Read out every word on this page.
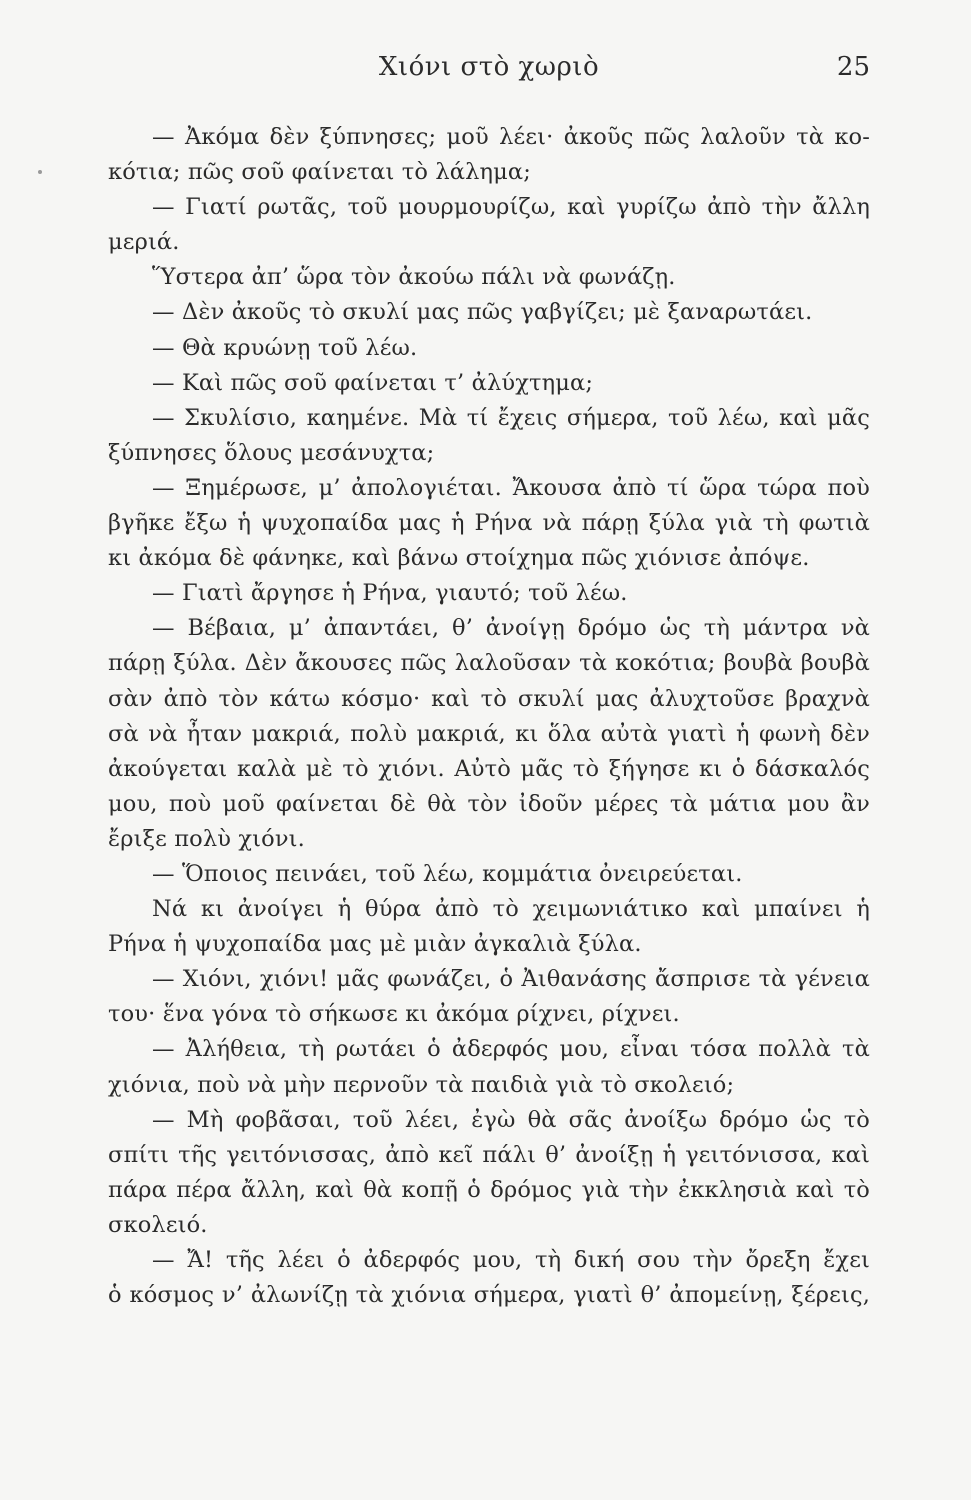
Χιόνι στὸ χωριὸ	25
— Ἀκόμα δὲν ξύπνησες; μοῦ λέει· ἀκοῦς πῶς λαλοῦν τὰ κο-
κότια; πῶς σοῦ φαίνεται τὸ λάλημα;
— Γιατί ρωτᾶς, τοῦ μουρμουρίζω, καὶ γυρίζω ἀπὸ τὴν ἄλλη
μεριά.
Ὕστερα ἀπ’ ὥρα τὸν ἀκούω πάλι νὰ φωνάζῃ.
— Δὲν ἀκοῦς τὸ σκυλί μας πῶς γαβγίζει; μὲ ξαναρωτάει.
— Θὰ κρυώνῃ τοῦ λέω.
— Καὶ πῶς σοῦ φαίνεται τ’ ἀλύχτημα;
— Σκυλίσιο, καημένε. Μὰ τί ἔχεις σήμερα, τοῦ λέω, καὶ μᾶς
ξύπνησες ὅλους μεσάνυχτα;
— Ξημέρωσε, μ’ ἀπολογιέται. Ἄκουσα ἀπὸ τί ὥρα τώρα ποὺ
βγῆκε ἔξω ἡ ψυχοπαίδα μας ἡ Ρήνα νὰ πάρῃ ξύλα γιὰ τὴ φωτιὰ
κι ἀκόμα δὲ φάνηκε, καὶ βάνω στοίχημα πῶς χιόνισε ἀπόψε.
— Γιατὶ ἄργησε ἡ Ρήνα, γιαυτό; τοῦ λέω.
— Βέβαια, μ’ ἀπαντάει, θ’ ἀνοίγῃ δρόμο ὡς τὴ μάντρα νὰ
πάρῃ ξύλα. Δὲν ἄκουσες πῶς λαλοῦσαν τὰ κοκότια; βουβὰ βουβὰ
σὰν ἀπὸ τὸν κάτω κόσμο· καὶ τὸ σκυλί μας ἀλυχτοῦσε βραχνὰ
σὰ νὰ ἦταν μακριά, πολὺ μακριά, κι ὅλα αὐτὰ γιατὶ ἡ φωνὴ δὲν
ἀκούγεται καλὰ μὲ τὸ χιόνι. Αὐτὸ μᾶς τὸ ξήγησε κι ὁ δάσκαλός
μου, ποὺ μοῦ φαίνεται δὲ θὰ τὸν ἰδοῦν μέρες τὰ μάτια μου ἂν
ἔριξε πολὺ χιόνι.
— Ὅποιος πεινάει, τοῦ λέω, κομμάτια ὀνειρεύεται.
Νά κι ἀνοίγει ἡ θύρα ἀπὸ τὸ χειμωνιάτικο καὶ μπαίνει ἡ
Ρήνα ἡ ψυχοπαίδα μας μὲ μιὰν ἀγκαλιὰ ξύλα.
— Χιόνι, χιόνι! μᾶς φωνάζει, ὁ Ἀιθανάσης ἄσπρισε τὰ γένεια
του· ἕνα γόνα τὸ σήκωσε κι ἀκόμα ρίχνει, ρίχνει.
— Ἀλήθεια, τὴ ρωτάει ὁ ἀδερφός μου, εἶναι τόσα πολλὰ τὰ
χιόνια, ποὺ νὰ μὴν περνοῦν τὰ παιδιὰ γιὰ τὸ σκολειό;
— Μὴ φοβᾶσαι, τοῦ λέει, ἐγὼ θὰ σᾶς ἀνοίξω δρόμο ὡς τὸ
σπίτι τῆς γειτόνισσας, ἀπὸ κεῖ πάλι θ’ ἀνοίξῃ ἡ γειτόνισσα, καὶ
πάρα πέρα ἄλλη, καὶ θὰ κοπῇ ὁ δρόμος γιὰ τὴν ἐκκλησιὰ καὶ τὸ
σκολειό.
— Ἄ! τῆς λέει ὁ ἀδερφός μου, τὴ δική σου τὴν ὄρεξη ἔχει
ὁ κόσμος ν’ ἀλωνίζῃ τὰ χιόνια σήμερα, γιατὶ θ’ ἀπομείνῃ, ξέρεις,
